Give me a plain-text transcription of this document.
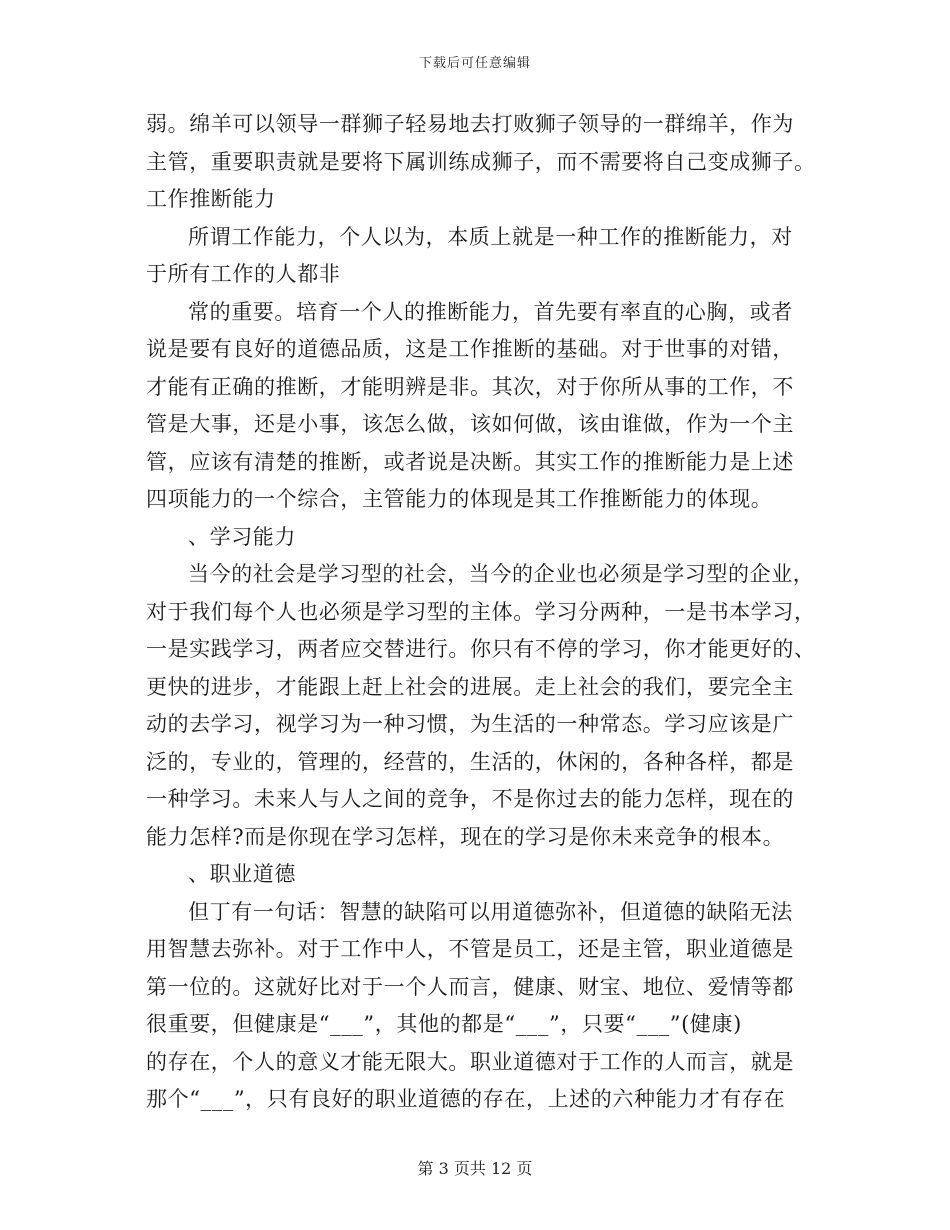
下载后可任意编辑
弱。绵羊可以领导一群狮子轻易地去打败狮子领导的一群绵羊，作为
主管，重要职责就是要将下属训练成狮子，而不需要将自己变成狮子。
工作推断能力
所谓工作能力，个人以为，本质上就是一种工作的推断能力，对
于所有工作的人都非
常的重要。培育一个人的推断能力，首先要有率直的心胸，或者
说是要有良好的道德品质，这是工作推断的基础。对于世事的对错，
才能有正确的推断，才能明辨是非。其次，对于你所从事的工作，不
管是大事，还是小事，该怎么做，该如何做，该由谁做，作为一个主
管，应该有清楚的推断，或者说是决断。其实工作的推断能力是上述
四项能力的一个综合，主管能力的体现是其工作推断能力的体现。
、学习能力
当今的社会是学习型的社会，当今的企业也必须是学习型的企业，
对于我们每个人也必须是学习型的主体。学习分两种，一是书本学习，
一是实践学习，两者应交替进行。你只有不停的学习，你才能更好的、
更快的进步，才能跟上赶上社会的进展。走上社会的我们，要完全主
动的去学习，视学习为一种习惯，为生活的一种常态。学习应该是广
泛的，专业的，管理的，经营的，生活的，休闲的，各种各样，都是
一种学习。未来人与人之间的竞争，不是你过去的能力怎样，现在的
能力怎样?而是你现在学习怎样，现在的学习是你未来竞争的根本。
、职业道德
但丁有一句话：智慧的缺陷可以用道德弥补，但道德的缺陷无法
用智慧去弥补。对于工作中人，不管是员工，还是主管，职业道德是
第一位的。这就好比对于一个人而言，健康、财宝、地位、爱情等都
很重要，但健康是“___”，其他的都是“___”，只要“___”(健康)
的存在，个人的意义才能无限大。职业道德对于工作的人而言，就是
那个“___”，只有良好的职业道德的存在，上述的六种能力才有存在
第 3 页共 12 页
